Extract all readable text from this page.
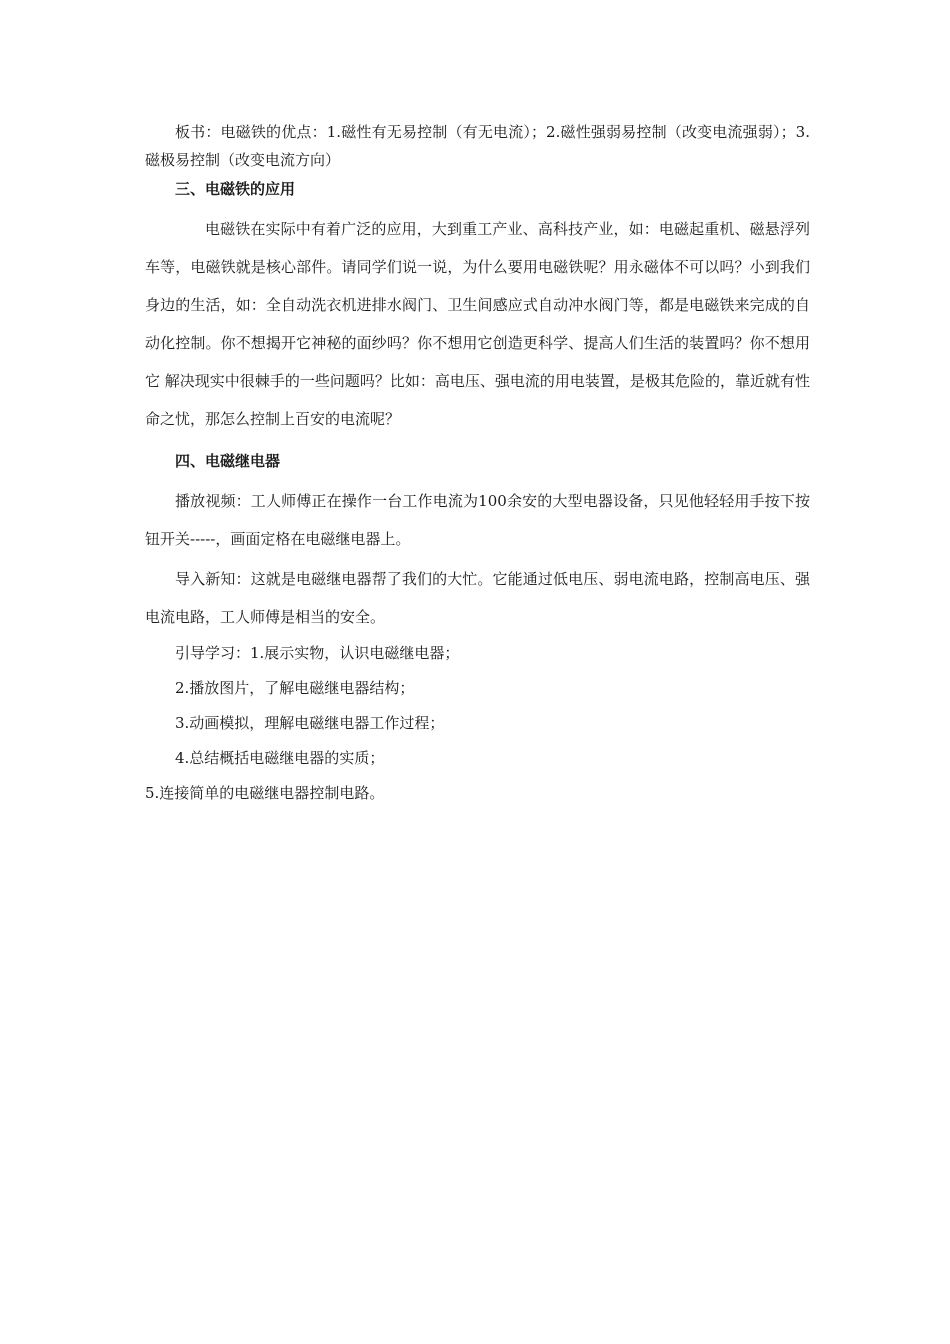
板书：电磁铁的优点：1.磁性有无易控制（有无电流）；2.磁性强弱易控制（改变电流强弱）；3.磁极易控制（改变电流方向）

三、电磁铁的应用

电磁铁在实际中有着广泛的应用，大到重工产业、高科技产业，如：电磁起重机、磁悬浮列车等，电磁铁就是核心部件。请同学们说一说，为什么要用电磁铁呢？用永磁体不可以吗？小到我们身边的生活，如：全自动洗衣机进排水阀门、卫生间感应式自动冲水阀门等，都是电磁铁来完成的自动化控制。你不想揭开它神秘的面纱吗？你不想用它创造更科学、提高人们生活的装置吗？你不想用它 解决现实中很棘手的一些问题吗？比如：高电压、强电流的用电装置，是极其危险的，靠近就有性命之忧，那怎么控制上百安的电流呢？

四、电磁继电器

播放视频：工人师傅正在操作一台工作电流为100余安的大型电器设备，只见他轻轻用手按下按钮开关-----，画面定格在电磁继电器上。

导入新知：这就是电磁继电器帮了我们的大忙。它能通过低电压、弱电流电路，控制高电压、强电流电路，工人师傅是相当的安全。

引导学习：1.展示实物，认识电磁继电器；

2.播放图片，了解电磁继电器结构；

3.动画模拟，理解电磁继电器工作过程；

4.总结概括电磁继电器的实质；

5.连接简单的电磁继电器控制电路。
